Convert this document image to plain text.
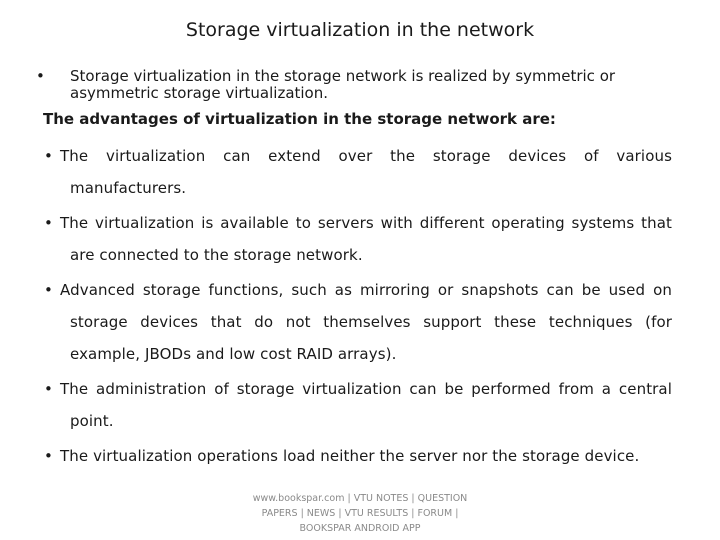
Storage virtualization in the network
• Storage virtualization in the storage network is realized by symmetric or asymmetric storage virtualization.
The advantages of virtualization in the storage network are:
• The virtualization can extend over the storage devices of various manufacturers.
• The virtualization is available to servers with different operating systems that are connected to the storage network.
• Advanced storage functions, such as mirroring or snapshots can be used on storage devices that do not themselves support these techniques (for example, JBODs and low cost RAID arrays).
• The administration of storage virtualization can be performed from a central point.
• The virtualization operations load neither the server nor the storage device.
www.bookspar.com | VTU NOTES | QUESTION PAPERS | NEWS | VTU RESULTS | FORUM | BOOKSPAR ANDROID APP
